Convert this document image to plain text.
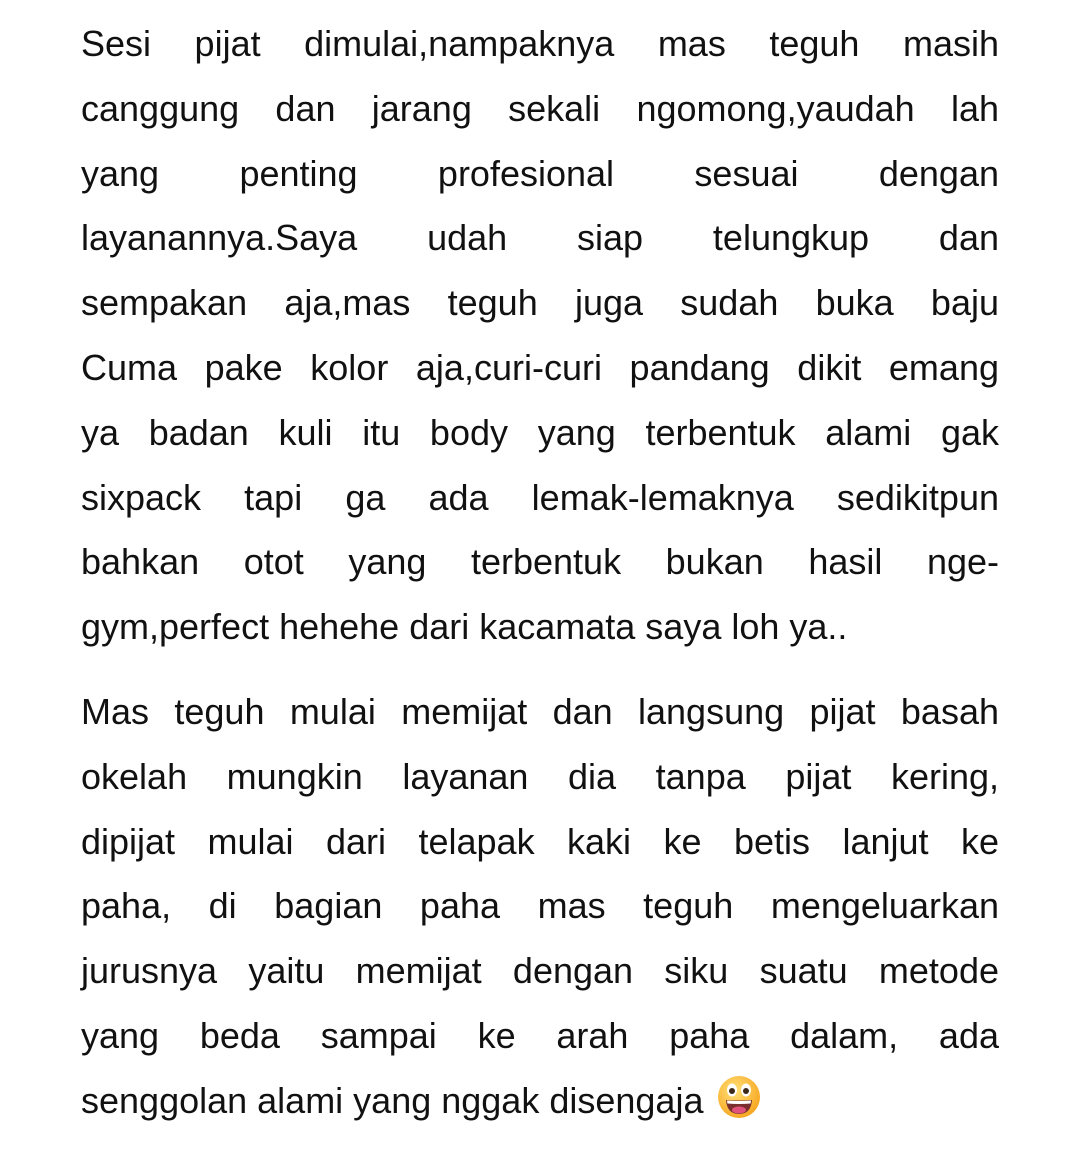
Sesi pijat dimulai,nampaknya mas teguh masih
canggung dan jarang sekali ngomong,yaudah lah
yang penting profesional sesuai dengan
layanannya.Saya udah siap telungkup dan
sempakan aja,mas teguh juga sudah buka baju
Cuma pake kolor aja,curi-curi pandang dikit emang
ya badan kuli itu body yang terbentuk alami gak
sixpack tapi ga ada lemak-lemaknya sedikitpun
bahkan otot yang terbentuk bukan hasil nge-
gym,perfect hehehe dari kacamata saya loh ya..
Mas teguh mulai memijat dan langsung pijat basah
okelah mungkin layanan dia tanpa pijat kering,
dipijat mulai dari telapak kaki ke betis lanjut ke
paha, di bagian paha mas teguh mengeluarkan
jurusnya yaitu memijat dengan siku suatu metode
yang beda sampai ke arah paha dalam, ada
senggolan alami yang nggak disengaja
